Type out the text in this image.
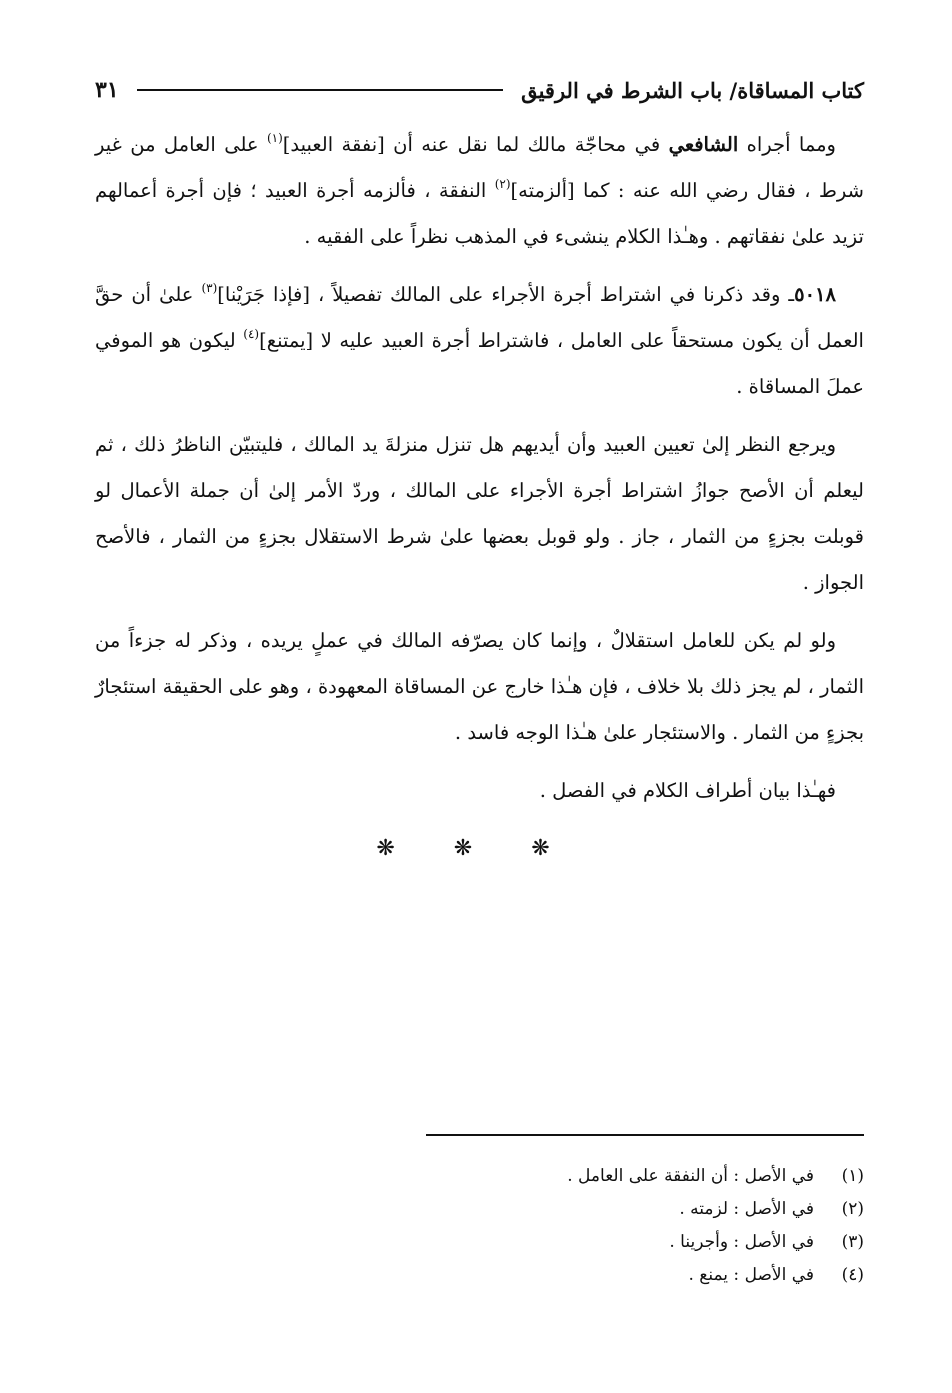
كتاب المساقاة/ باب الشرط في الرقيق
٣١

ومما أجراه الشافعي في محاجّة مالك لما نقل عنه أن [نفقة العبيد]$^{(١)}$ على العامل من غير شرط ، فقال رضي الله عنه : كما [ألزمته]$^{(٢)}$ النفقة ، فألزمه أجرة العبيد ؛ فإن أجرة أعمالهم تزيد علىٰ نفقاتهم . وهـٰذا الكلام ينشىء في المذهب نظراً على الفقيه .

٥٠١٨ـ وقد ذكرنا في اشتراط أجرة الأجراء على المالك تفصيلاً ، [فإذا جَرَيْنا]$^{(٣)}$ علىٰ أن حقَّ العمل أن يكون مستحقاً على العامل ، فاشتراط أجرة العبيد عليه لا [يمتنع]$^{(٤)}$ ليكون هو الموفي عملَ المساقاة .

ويرجع النظر إلىٰ تعيين العبيد وأن أيديهم هل تنزل منزلةَ يد المالك ، فليتبيّن الناظرُ ذلك ، ثم ليعلم أن الأصح جوازُ اشتراط أجرة الأجراء على المالك ، وردّ الأمر إلىٰ أن جملة الأعمال لو قوبلت بجزءٍ من الثمار ، جاز . ولو قوبل بعضها علىٰ شرط الاستقلال بجزءٍ من الثمار ، فالأصح الجواز .

ولو لم يكن للعامل استقلالٌ ، وإنما كان يصرّفه المالك في عملٍ يريده ، وذكر له جزءاً من الثمار ، لم يجز ذلك بلا خلاف ، فإن هـٰذا خارج عن المساقاة المعهودة ، وهو على الحقيقة استئجارٌ بجزءٍ من الثمار . والاستئجار علىٰ هـٰذا الوجه فاسد .

فهـٰذا بيان أطراف الكلام في الفصل .

❋ ❋ ❋
(١)
في الأصل : أن النفقة على العامل .
(٢)
في الأصل : لزمته .
(٣)
في الأصل : وأجرينا .
(٤)
في الأصل : يمنع .
